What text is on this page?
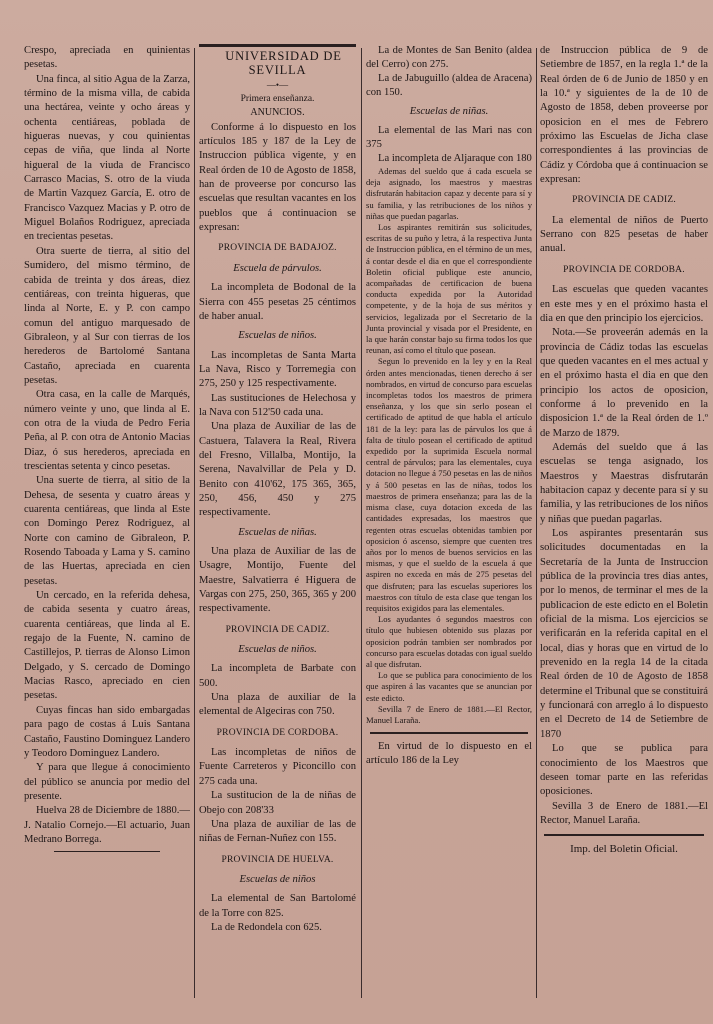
Crespo, apreciada en quinientas pesetas.

Una finca, al sitio Agua de la Zarza, término de la misma villa, de cabida una hectárea, veinte y ocho áreas y ochenta centiáreas, poblada de higueras nuevas, y cou quinientas cepas de viña, que linda al Norte higueral de la viuda de Francisco Carrasco Macias, S. otro de la viuda de Martin Vazquez García, E. otro de Francisco Vazquez Macias y P. otro de Miguel Bolaños Rodriguez, apreciada en trecientas pesetas.

Otra suerte de tierra, al sitio del Sumidero, del mismo término, de cabida de treinta y dos áreas, diez centiáreas, con treinta higueras, que linda al Norte, E. y P. con campo comun del antiguo marquesado de Gibraleon, y al Sur con tierras de los herederos de Bartolomé Santana Castaño, apreciada en cuarenta pesetas.

Otra casa, en la calle de Marqués, número veinte y uno, que linda al E. con otra de la viuda de Pedro Feria Peña, al P. con otra de Antonio Macias Diaz, ó sus herederos, apreciada en trescientas setenta y cinco pesetas.

Una suerte de tierra, al sitio de la Dehesa, de sesenta y cuatro áreas y cuarenta centiáreas, que linda al Este con Domingo Perez Rodriguez, al Norte con camino de Gibraleon, P. Rosendo Taboada y Lama y S. camino de las Huertas, apreciada en cien pesetas.

Un cercado, en la referida dehesa, de cabida sesenta y cuatro áreas, cuarenta centiáreas, que linda al E. regajo de la Fuente, N. camino de Castillejos, P. tierras de Alonso Limon Delgado, y S. cercado de Domingo Macias Rasco, apreciado en cien pesetas.

Cuyas fincas han sido embargadas para pago de costas á Luis Santana Castaño, Faustino Dominguez Landero y Teodoro Dominguez Landero.

Y para que llegue á conocimiento del público se anuncia por medio del presente.

Huelva 28 de Diciembre de 1880.—J. Natalio Cornejo.—El actuario, Juan Medrano Borrega.

UNIVERSIDAD DE SEVILLA

—•—

Primera enseñanza.

ANUNCIOS.

Conforme á lo dispuesto en los artículos 185 y 187 de la Ley de Instruccion pública vigente, y en Real órden de 10 de Agosto de 1858, han de proveerse por concurso las escuelas que resultan vacantes en los pueblos que á continuacion se expresan:

PROVINCIA DE BADAJOZ.

Escuela de párvulos.

La incompleta de Bodonal de la Sierra con 455 pesetas 25 céntimos de haber anual.

Escuelas de niños.

Las incompletas de Santa Marta La Nava, Risco y Torremegia con 275, 250 y 125 respectivamente.

Las sustituciones de Helechosa y la Nava con 512'50 cada una.

Una plaza de Auxiliar de las de Castuera, Talavera la Real, Rivera del Fresno, Villalba, Montijo, la Serena, Navalvillar de Pela y D. Benito con 410'62, 175 365, 365, 250, 456, 450 y 275 respectivamente.

Escuelas de niñas.

Una plaza de Auxiliar de las de Usagre, Montijo, Fuente del Maestre, Salvatierra é Higuera de Vargas con 275, 250, 365, 365 y 200 respectivamente.

PROVINCIA DE CADIZ.

Escuelas de niños.

La incompleta de Barbate con 500.

Una plaza de auxiliar de la elemental de Algeciras con 750.

PROVINCIA DE CORDOBA.

Las incompletas de niños de Fuente Carreteros y Piconcillo con 275 cada una.

La sustitucion de la de niñas de Obejo con 208'33

Una plaza de auxiliar de las de niñas de Fernan-Nuñez con 155.

PROVINCIA DE HUELVA.

Escuelas de niños

La elemental de San Bartolomé de la Torre con 825.

La de Redondela con 625.

La de Montes de San Benito (aldea del Cerro) con 275.

La de Jabuguillo (aldea de Aracena) con 150.

Escuelas de niñas.

La elemental de las Mari nas con 375

La incompleta de Aljaraque con 180

Ademas del sueldo que á cada escuela se deja asignado, los maestros y maestras disfrutarán habitacion capaz y decente para sí y su familia, y las retribuciones de los niños y niñas que puedan pagarlas.

Los aspirantes remitirán sus solicitudes, escritas de su puño y letra, á la respectiva Junta de Instruccion pública, en el término de un mes, á contar desde el dia en que el correspondiente Boletin oficial publique este anuncio, acompañadas de certificacion de buena conducta expedida por la Autoridad competente, y de la hoja de sus méritos y servicios, legalizada por el Secretario de la Junta provincial y visada por el Presidente, en la que harán constar bajo su firma todos los que reunan, así como el título que posean.

Segun lo prevenido en la ley y en la Real órden antes mencionadas, tienen derecho á ser nombrados, en virtud de concurso para escuelas incompletas todos los maestros de primera enseñanza, y los que sin serlo posean el certificado de aptitud de que habla el artículo 181 de la ley: para las de párvulos los que á falta de título posean el certificado de aptitud expedido por la suprimida Escuela normal central de párvulos; para las elementales, cuya dotacion no llegue á 750 pesetas en las de niños y á 500 pesetas en las de niñas, todos los maestros de primera enseñanza; para las de la misma clase, cuya dotacion exceda de las cantidades expresadas, los maestros que regenten otras escuelas obtenidas tambien por oposicion ó ascenso, siempre que cuenten tres años por lo menos de buenos servicios en las mismas, y que el sueldo de la escuela á que aspiren no exceda en más de 275 pesetas del que disfruten; para las escuelas superiores los maestros con título de esta clase que tengan los requisitos exigidos para las elementales.

Los ayudantes ó segundos maestros con título que hubiesen obtenido sus plazas por oposicion podrán tambien ser nombrados por concurso para escuelas dotadas con igual sueldo al que disfrutan.

Lo que se publica para conocimiento de los que aspiren á las vacantes que se anuncian por este edicto.

Sevilla 7 de Enero de 1881.—El Rector, Manuel Laraña.

En virtud de lo dispuesto en el artículo 186 de la Ley

de Instruccion pública de 9 de Setiembre de 1857, en la regla 1.ª de la Real órden de 6 de Junio de 1850 y en la 10.ª y siguientes de la de 10 de Agosto de 1858, deben proveerse por oposicion en el mes de Febrero próximo las Escuelas de Jicha clase correspondientes á las provincias de Cádiz y Córdoba que á continuacion se expresan:

PROVINCIA DE CADIZ.

La elemental de niños de Puerto Serrano con 825 pesetas de haber anual.

PROVINCIA DE CORDOBA.

Las escuelas que queden vacantes en este mes y en el próximo hasta el dia en que den principio los ejercicios.

Nota.—Se proveerán además en la provincia de Cádiz todas las escuelas que queden vacantes en el mes actual y en el próximo hasta el dia en que den principio los actos de oposicion, conforme á lo prevenido en la disposicion 1.ª de la Real órden de 1.º de Marzo de 1879.

Además del sueldo que á las escuelas se tenga asignado, los Maestros y Maestras disfrutarán habitacion capaz y decente para sí y su familia, y las retribuciones de los niños y niñas que puedan pagarlas.

Los aspirantes presentarán sus solicitudes documentadas en la Secretaría de la Junta de Instruccion pública de la provincia tres dias antes, por lo menos, de terminar el mes de la publicacion de este edicto en el Boletin oficial de la misma. Los ejercicios se verificarán en la referida capital en el local, dias y horas que en virtud de lo prevenido en la regla 14 de la citada Real órden de 10 de Agosto de 1858 determine el Tribunal que se constituirá y funcionará con arreglo á lo dispuesto en el Decreto de 14 de Setiembre de 1870

Lo que se publica para conocimiento de los Maestros que deseen tomar parte en las referidas oposiciones.

Sevilla 3 de Enero de 1881.—El Rector, Manuel Laraña.

Imp. del Boletin Oficial.
